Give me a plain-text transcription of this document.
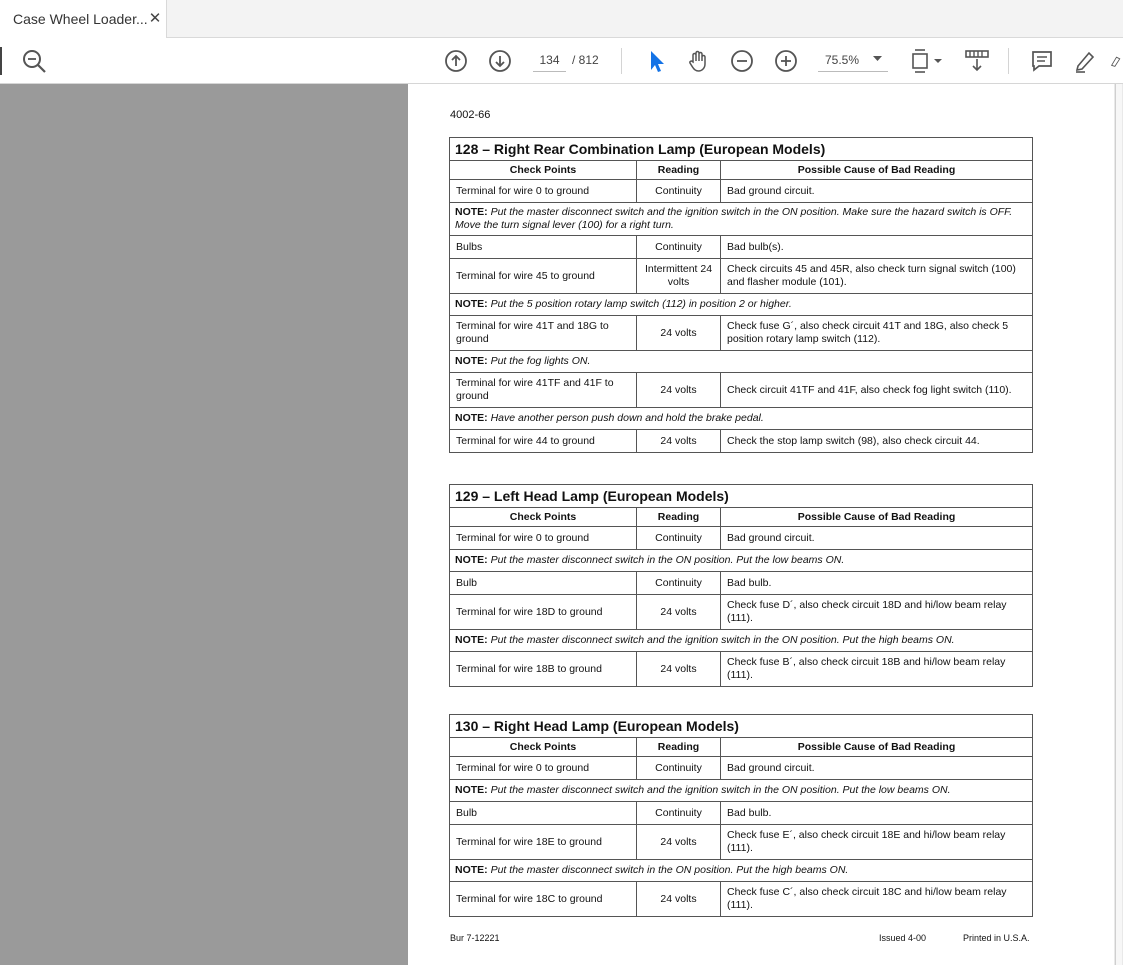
Case Wheel Loader... ✕
134
/ 812	75.5%
4002-66
128 – Right Rear Combination Lamp (European Models)		
Check Points	Reading	Possible Cause of Bad Reading
Terminal for wire 0 to ground	Continuity	Bad ground circuit.
NOTE: Put the master disconnect switch and the ignition switch in the ON position. Make sure the hazard switch is OFF. Move the turn signal lever (100) for a right turn.		
Bulbs	Continuity	Bad bulb(s).
Terminal for wire 45 to ground	Intermittent 24 volts	Check circuits 45 and 45R, also check turn signal switch (100) and flasher module (101).
NOTE: Put the 5 position rotary lamp switch (112) in position 2 or higher.		
Terminal for wire 41T and 18G to ground	24 volts	Check fuse G´, also check circuit 41T and 18G, also check 5 position rotary lamp switch (112).
NOTE: Put the fog lights ON.		
Terminal for wire 41TF and 41F to ground	24 volts	Check circuit 41TF and 41F, also check fog light switch (110).
NOTE: Have another person push down and hold the brake pedal.		
Terminal for wire 44 to ground	24 volts	Check the stop lamp switch (98), also check circuit 44.
129 – Left Head Lamp (European Models)		
Check Points	Reading	Possible Cause of Bad Reading
Terminal for wire 0 to ground	Continuity	Bad ground circuit.
NOTE: Put the master disconnect switch in the ON position. Put the low beams ON.		
Bulb	Continuity	Bad bulb.
Terminal for wire 18D to ground	24 volts	Check fuse D´, also check circuit 18D and hi/low beam relay (111).
NOTE: Put the master disconnect switch and the ignition switch in the ON position. Put the high beams ON.		
Terminal for wire 18B to ground	24 volts	Check fuse B´, also check circuit 18B and hi/low beam relay (111).
130 – Right Head Lamp (European Models)		
Check Points	Reading	Possible Cause of Bad Reading
Terminal for wire 0 to ground	Continuity	Bad ground circuit.
NOTE: Put the master disconnect switch and the ignition switch in the ON position. Put the low beams ON.		
Bulb	Continuity	Bad bulb.
Terminal for wire 18E to ground	24 volts	Check fuse E´, also check circuit 18E and hi/low beam relay (111).
NOTE: Put the master disconnect switch in the ON position. Put the high beams ON.		
Terminal for wire 18C to ground	24 volts	Check fuse C´, also check circuit 18C and hi/low beam relay (111).
Bur 7-12221	Issued 4-00	Printed in U.S.A.
